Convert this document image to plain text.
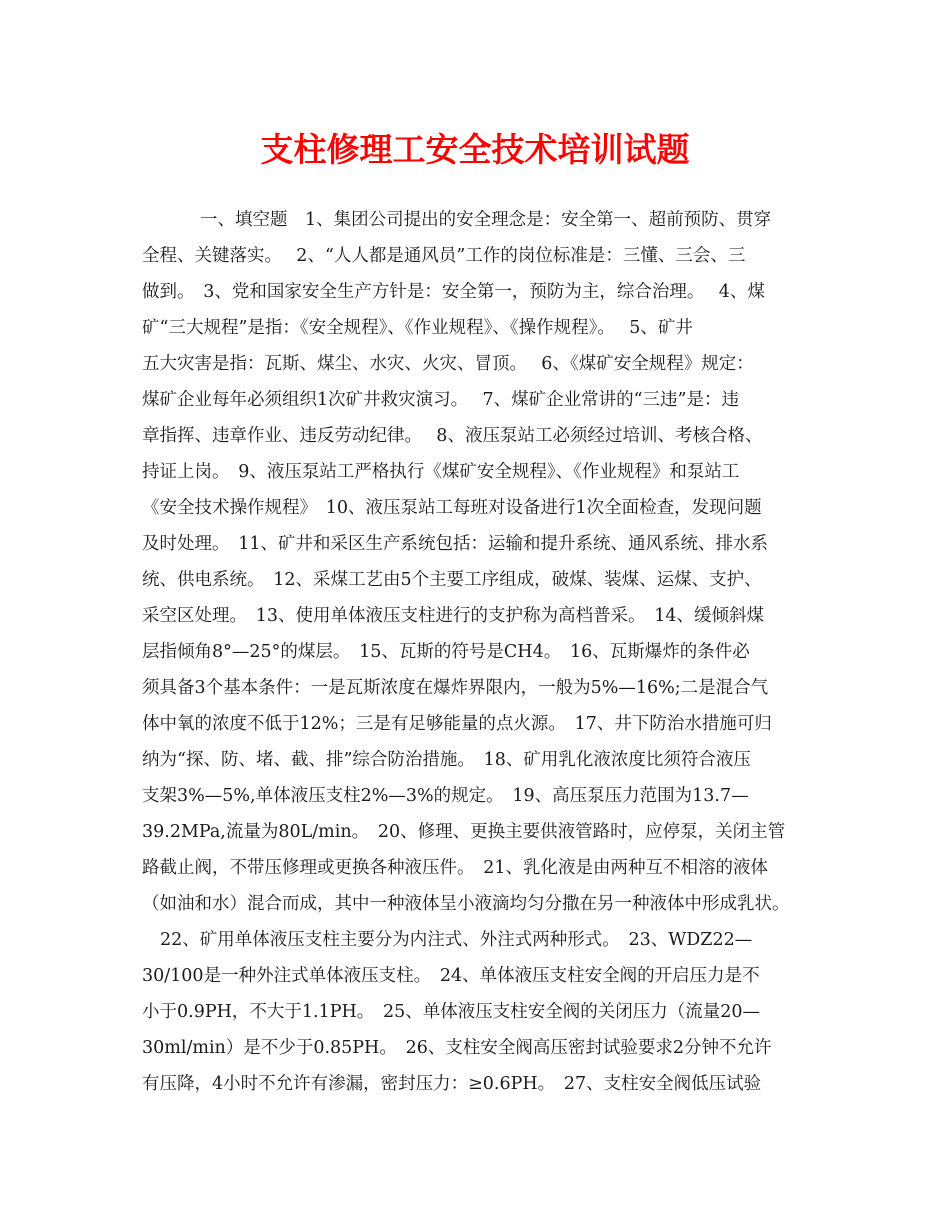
支柱修理工安全技术培训试题
一、填空题　1、集团公司提出的安全理念是：安全第一、超前预防、贯穿
全程、关键落实。　 2、“人人都是通风员”工作的岗位标准是：三懂、三会、三
做到。　3、党和国家安全生产方针是：安全第一，预防为主，综合治理。　 4、煤
矿“三大规程”是指：《安全规程》、《作业规程》、《操作规程》。　 5、矿井
五大灾害是指：瓦斯、煤尘、水灾、火灾、冒顶。　 6、《煤矿安全规程》规定：
煤矿企业每年必须组织1次矿井救灾演习。　 7、煤矿企业常讲的“三违”是：违
章指挥、违章作业、违反劳动纪律。　 8、液压泵站工必须经过培训、考核合格、
持证上岗。　9、液压泵站工严格执行《煤矿安全规程》、《作业规程》和泵站工
《安全技术操作规程》　10、液压泵站工每班对设备进行1次全面检查，发现问题
及时处理。　11、矿井和采区生产系统包括：运输和提升系统、通风系统、排水系
统、供电系统。　12、采煤工艺由5个主要工序组成，破煤、装煤、运煤、支护、
采空区处理。　13、使用单体液压支柱进行的支护称为高档普采。　14、缓倾斜煤
层指倾角8°—25°的煤层。　15、瓦斯的符号是CH4。　16、瓦斯爆炸的条件必
须具备3个基本条件：一是瓦斯浓度在爆炸界限内，一般为5%—16%;二是混合气
体中氧的浓度不低于12%；三是有足够能量的点火源。　17、井下防治水措施可归
纳为“探、防、堵、截、排”综合防治措施。　18、矿用乳化液浓度比须符合液压
支架3%—5%,单体液压支柱2%—3%的规定。　19、高压泵压力范围为13.7—
39.2MPa,流量为80L/min。　20、修理、更换主要供液管路时，应停泵，关闭主管
路截止阀，不带压修理或更换各种液压件。　21、乳化液是由两种互不相溶的液体
（如油和水）混合而成，其中一种液体呈小液滴均匀分撒在另一种液体中形成乳状。
22、矿用单体液压支柱主要分为内注式、外注式两种形式。　23、WDZ22—
30/100是一种外注式单体液压支柱。　24、单体液压支柱安全阀的开启压力是不
小于0.9PH，不大于1.1PH。　25、单体液压支柱安全阀的关闭压力（流量20—
30ml/min）是不少于0.85PH。　26、支柱安全阀高压密封试验要求2分钟不允许
有压降，4小时不允许有渗漏，密封压力：≥0.6PH。　27、支柱安全阀低压试验
